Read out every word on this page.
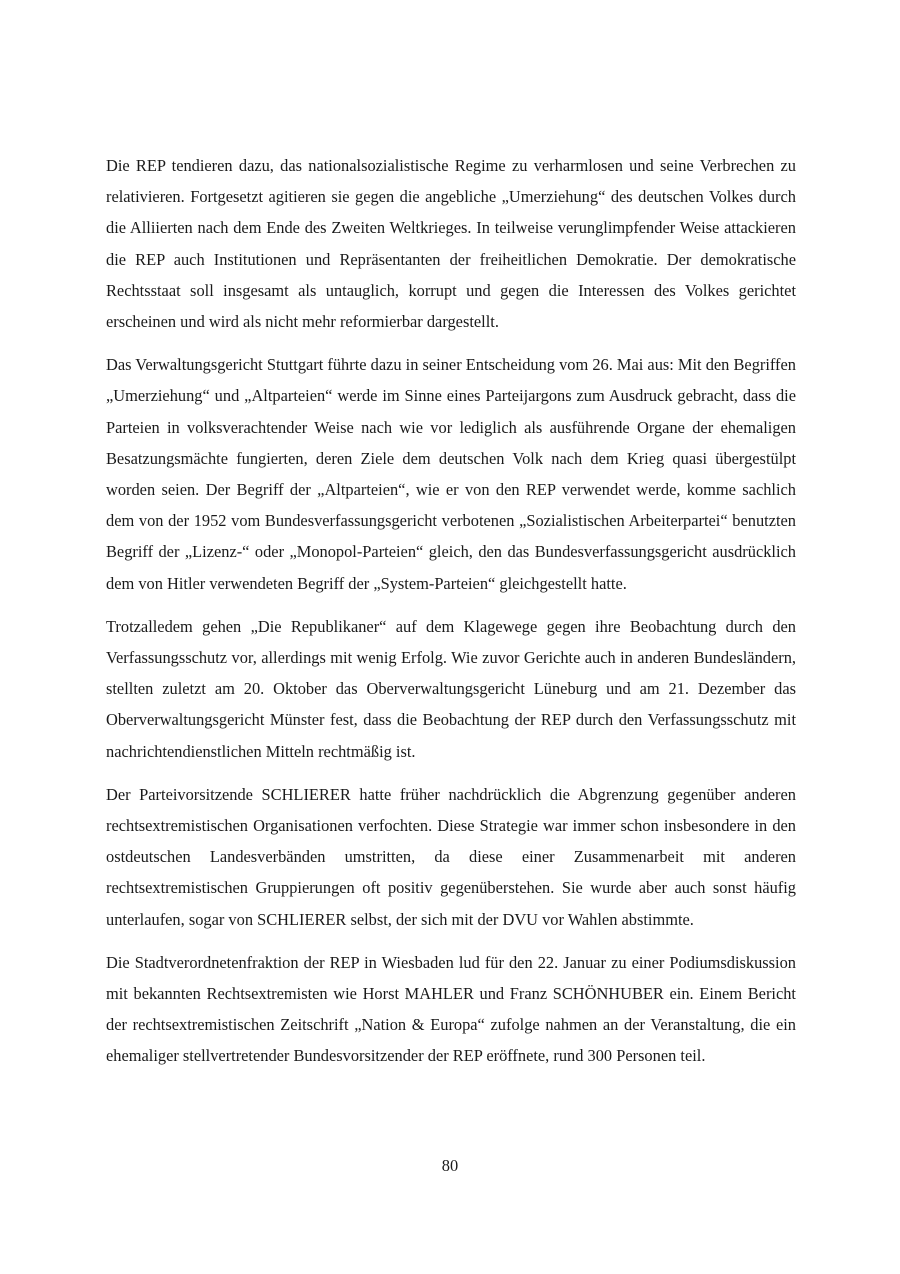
Die REP tendieren dazu, das nationalsozialistische Regime zu verharmlosen und seine Verbrechen zu relativieren. Fortgesetzt agitieren sie gegen die angebliche „Umerziehung“ des deutschen Volkes durch die Alliierten nach dem Ende des Zweiten Weltkrieges. In teilweise verunglimpfender Weise attackieren die REP auch Institutionen und Repräsentanten der freiheitlichen Demokratie. Der demokratische Rechtsstaat soll insgesamt als untauglich, korrupt und gegen die Interessen des Volkes gerichtet erscheinen und wird als nicht mehr reformierbar dargestellt.

Das Verwaltungsgericht Stuttgart führte dazu in seiner Entscheidung vom 26. Mai aus: Mit den Begriffen „Umerziehung“ und „Altparteien“ werde im Sinne eines Parteijargons zum Ausdruck gebracht, dass die Parteien in volksverachtender Weise nach wie vor lediglich als ausführende Organe der ehemaligen Besatzungsmächte fungierten, deren Ziele dem deutschen Volk nach dem Krieg quasi übergestülpt worden seien. Der Begriff der „Altparteien“, wie er von den REP verwendet werde, komme sachlich dem von der 1952 vom Bundesverfassungsgericht verbotenen „Sozialistischen Arbeiterpartei“ benutzten Begriff der „Lizenz-“ oder „Monopol-Parteien“ gleich, den das Bundesverfassungsgericht ausdrücklich dem von Hitler verwendeten Begriff der „System-Parteien“ gleichgestellt hatte.

Trotzalledem gehen „Die Republikaner“ auf dem Klagewege gegen ihre Beobachtung durch den Verfassungsschutz vor, allerdings mit wenig Erfolg. Wie zuvor Gerichte auch in anderen Bundesländern, stellten zuletzt am 20. Oktober das Oberverwaltungsgericht Lüneburg und am 21. Dezember das Oberverwaltungsgericht Münster fest, dass die Beobachtung der REP durch den Verfassungsschutz mit nachrichtendienstlichen Mitteln rechtmäßig ist.

Der Parteivorsitzende SCHLIERER hatte früher nachdrücklich die Abgrenzung gegenüber anderen rechtsextremistischen Organisationen verfochten. Diese Strategie war immer schon insbesondere in den ostdeutschen Landesverbänden umstritten, da diese einer Zusammenarbeit mit anderen rechtsextremistischen Gruppierungen oft positiv gegenüberstehen. Sie wurde aber auch sonst häufig unterlaufen, sogar von SCHLIERER selbst, der sich mit der DVU vor Wahlen abstimmte.

Die Stadtverordnetenfraktion der REP in Wiesbaden lud für den 22. Januar zu einer Podiumsdiskussion mit bekannten Rechtsextremisten wie Horst MAHLER und Franz SCHÖNHUBER ein. Einem Bericht der rechtsextremistischen Zeitschrift „Nation & Europa“ zufolge nahmen an der Veranstaltung, die ein ehemaliger stellvertretender Bundesvorsitzender der REP eröffnete, rund 300 Personen teil.

80
